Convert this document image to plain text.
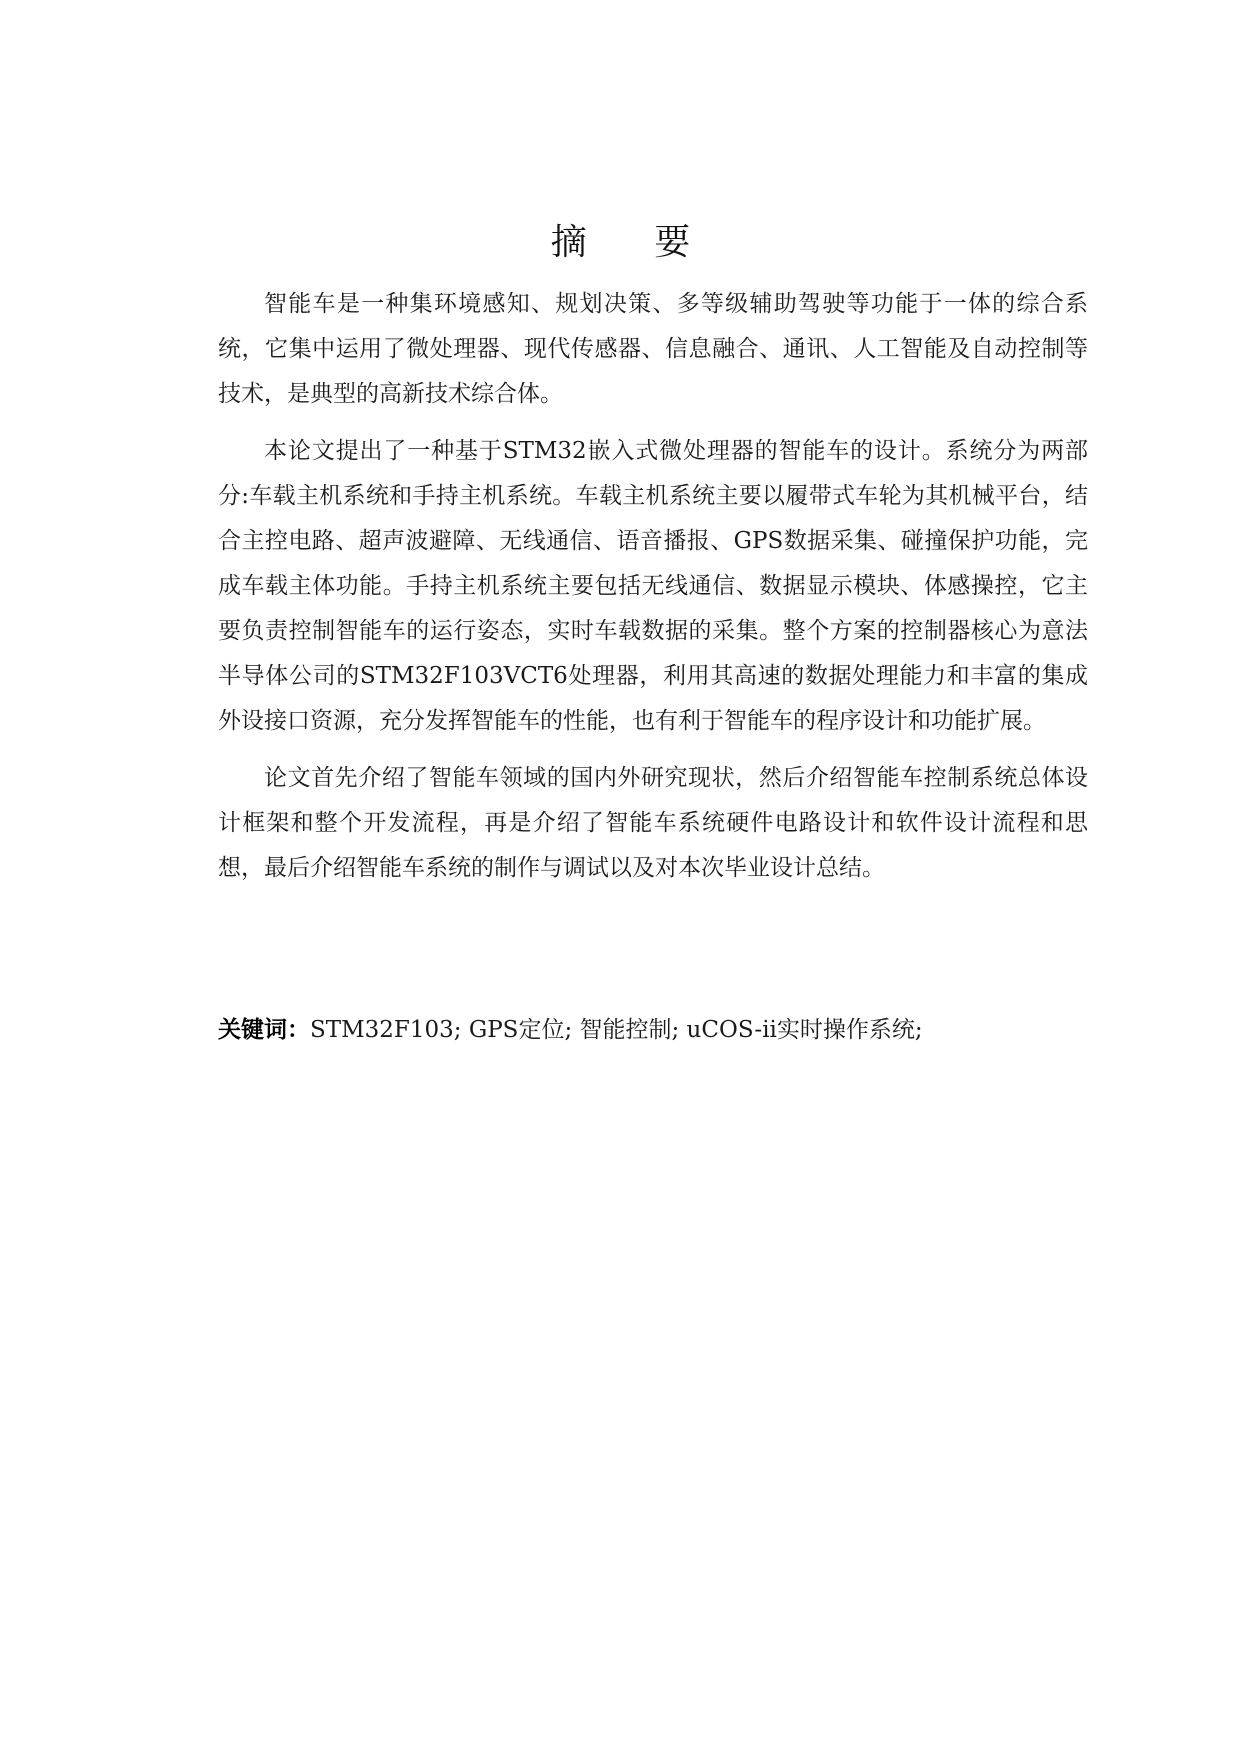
摘 要

智能车是一种集环境感知、规划决策、多等级辅助驾驶等功能于一体的综合系统，它集中运用了微处理器、现代传感器、信息融合、通讯、人工智能及自动控制等技术，是典型的高新技术综合体。

本论文提出了一种基于STM32嵌入式微处理器的智能车的设计。系统分为两部分:车载主机系统和手持主机系统。车载主机系统主要以履带式车轮为其机械平台，结合主控电路、超声波避障、无线通信、语音播报、GPS数据采集、碰撞保护功能，完成车载主体功能。手持主机系统主要包括无线通信、数据显示模块、体感操控，它主要负责控制智能车的运行姿态，实时车载数据的采集。整个方案的控制器核心为意法半导体公司的STM32F103VCT6处理器，利用其高速的数据处理能力和丰富的集成外设接口资源，充分发挥智能车的性能，也有利于智能车的程序设计和功能扩展。

论文首先介绍了智能车领域的国内外研究现状，然后介绍智能车控制系统总体设计框架和整个开发流程，再是介绍了智能车系统硬件电路设计和软件设计流程和思想，最后介绍智能车系统的制作与调试以及对本次毕业设计总结。

关键词：STM32F103; GPS定位; 智能控制; uCOS-ii实时操作系统;
